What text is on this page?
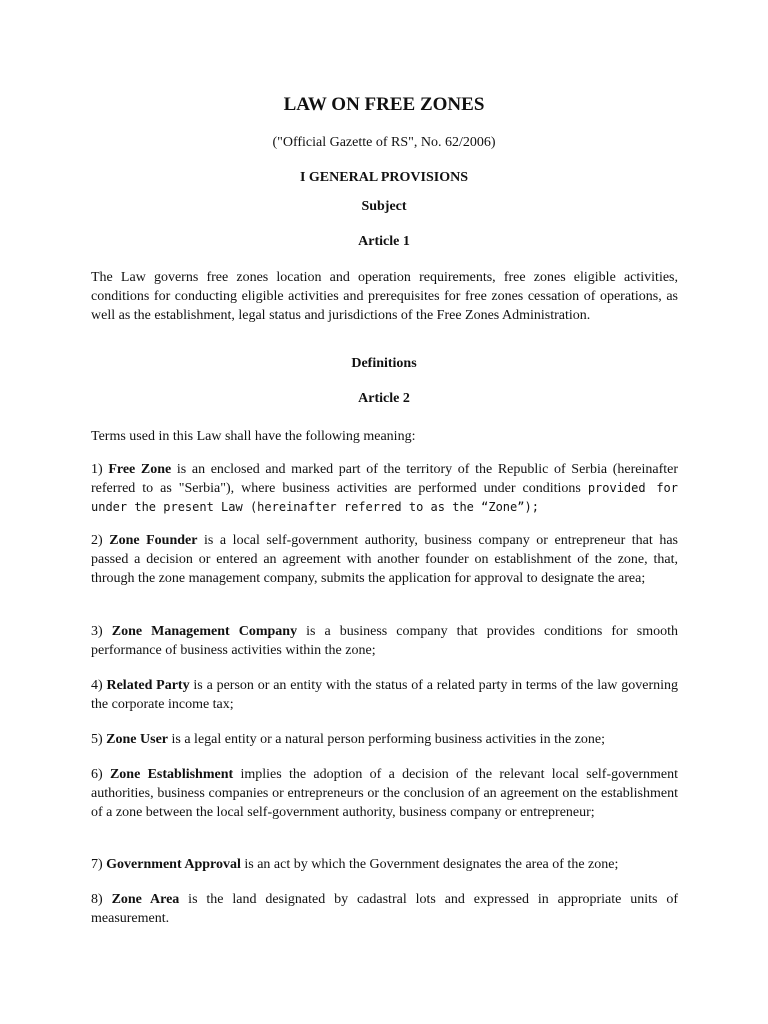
LAW ON FREE ZONES

("Official Gazette of RS", No. 62/2006)

I GENERAL PROVISIONS

Subject

Article 1

The Law governs free zones location and operation requirements, free zones eligible activities, conditions for conducting eligible activities and prerequisites for free zones cessation of operations, as well as the establishment, legal status and jurisdictions of the Free Zones Administration.

Definitions

Article 2

Terms used in this Law shall have the following meaning:

1) Free Zone is an enclosed and marked part of the territory of the Republic of Serbia (hereinafter referred to as "Serbia"), where business activities are performed under conditions provided for under the present Law (hereinafter referred to as the “Zone”);

2) Zone Founder is a local self-government authority, business company or entrepreneur that has passed a decision or entered an agreement with another founder on establishment of the zone, that, through the zone management company, submits the application for approval to designate the area;

3) Zone Management Company is a business company that provides conditions for smooth performance of business activities within the zone;

4) Related Party is a person or an entity with the status of a related party in terms of the law governing the corporate income tax;

5) Zone User is a legal entity or a natural person performing business activities in the zone;

6) Zone Establishment implies the adoption of a decision of the relevant local self-government authorities, business companies or entrepreneurs or the conclusion of an agreement on the establishment of a zone between the local self-government authority, business company or entrepreneur;

7) Government Approval is an act by which the Government designates the area of the zone;

8) Zone Area is the land designated by cadastral lots and expressed in appropriate units of measurement.
